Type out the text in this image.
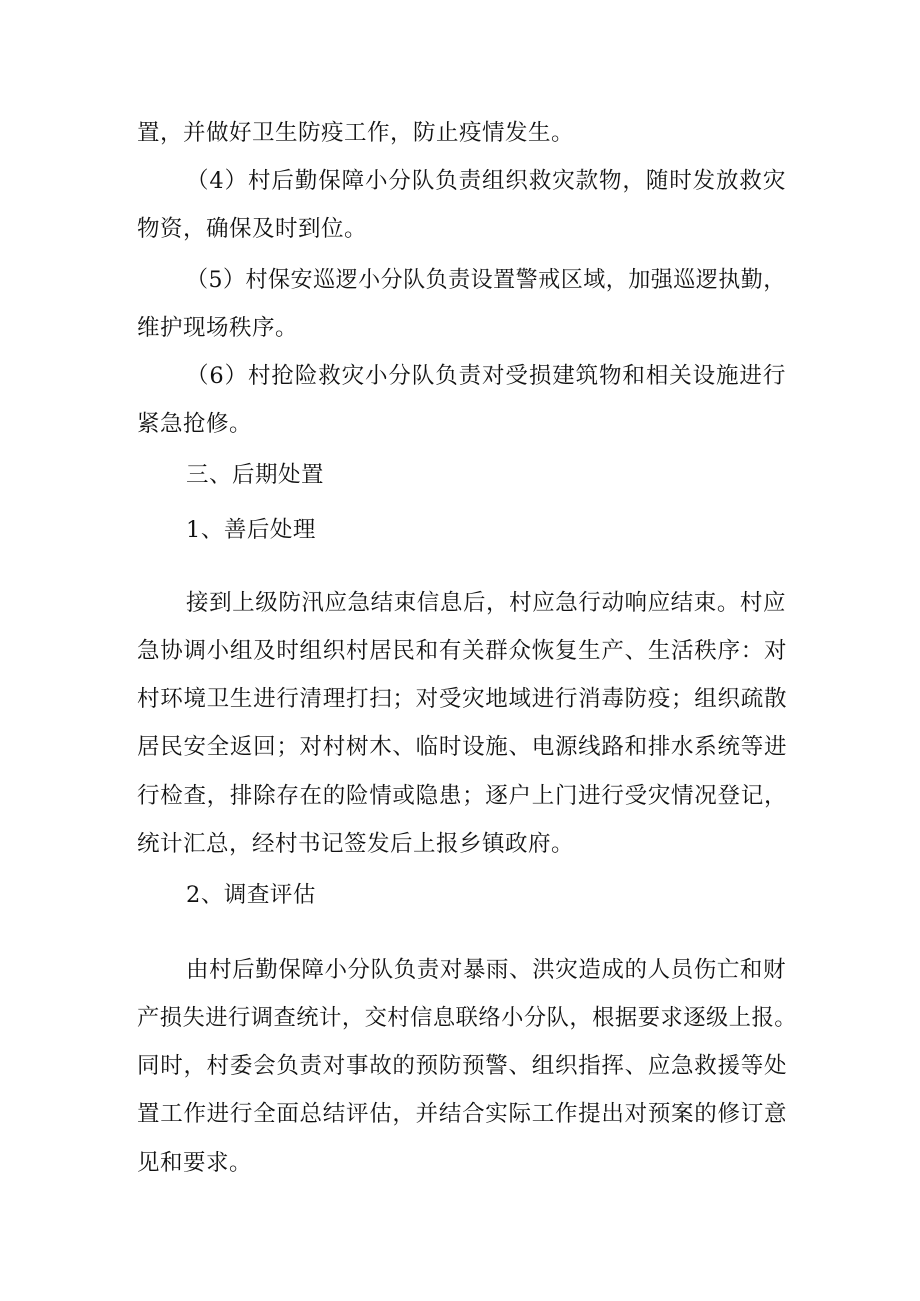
置，并做好卫生防疫工作，防止疫情发生。
（4）村后勤保障小分队负责组织救灾款物，随时发放救灾
物资，确保及时到位。
（5）村保安巡逻小分队负责设置警戒区域，加强巡逻执勤，
维护现场秩序。
（6）村抢险救灾小分队负责对受损建筑物和相关设施进行
紧急抢修。
三、后期处置
1、善后处理
接到上级防汛应急结束信息后，村应急行动响应结束。村应
急协调小组及时组织村居民和有关群众恢复生产、生活秩序：对
村环境卫生进行清理打扫；对受灾地域进行消毒防疫；组织疏散
居民安全返回；对村树木、临时设施、电源线路和排水系统等进
行检查，排除存在的险情或隐患；逐户上门进行受灾情况登记，
统计汇总，经村书记签发后上报乡镇政府。
2、调查评估
由村后勤保障小分队负责对暴雨、洪灾造成的人员伤亡和财
产损失进行调查统计，交村信息联络小分队，根据要求逐级上报。
同时，村委会负责对事故的预防预警、组织指挥、应急救援等处
置工作进行全面总结评估，并结合实际工作提出对预案的修订意
见和要求。
